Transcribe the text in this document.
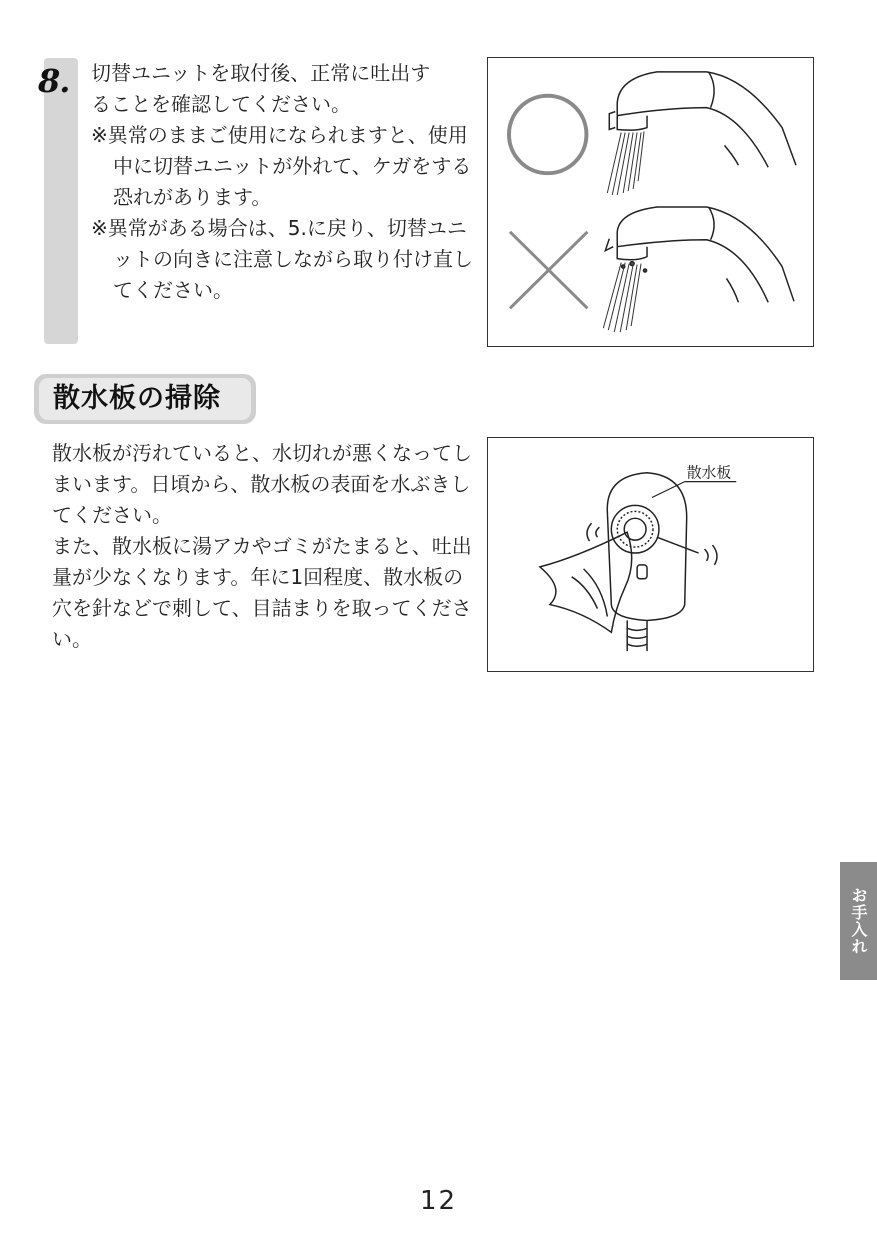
8. 切替ユニットを取付後、正常に吐出す

ることを確認してください。

※異常のままご使用になられますと、使用中に切替ユニットが外れて、ケガをする恐れがあります。

※異常がある場合は、5.に戻り、切替ユニットの向きに注意しながら取り付け直してください。

散水板の掃除

散水板が汚れていると、水切れが悪くなってしまいます。日頃から、散水板の表面を水ぶきしてください。

また、散水板に湯アカやゴミがたまると、吐出量が少なくなります。年に1回程度、散水板の穴を針などで刺して、目詰まりを取ってください。

散水板
お手入れ
12
